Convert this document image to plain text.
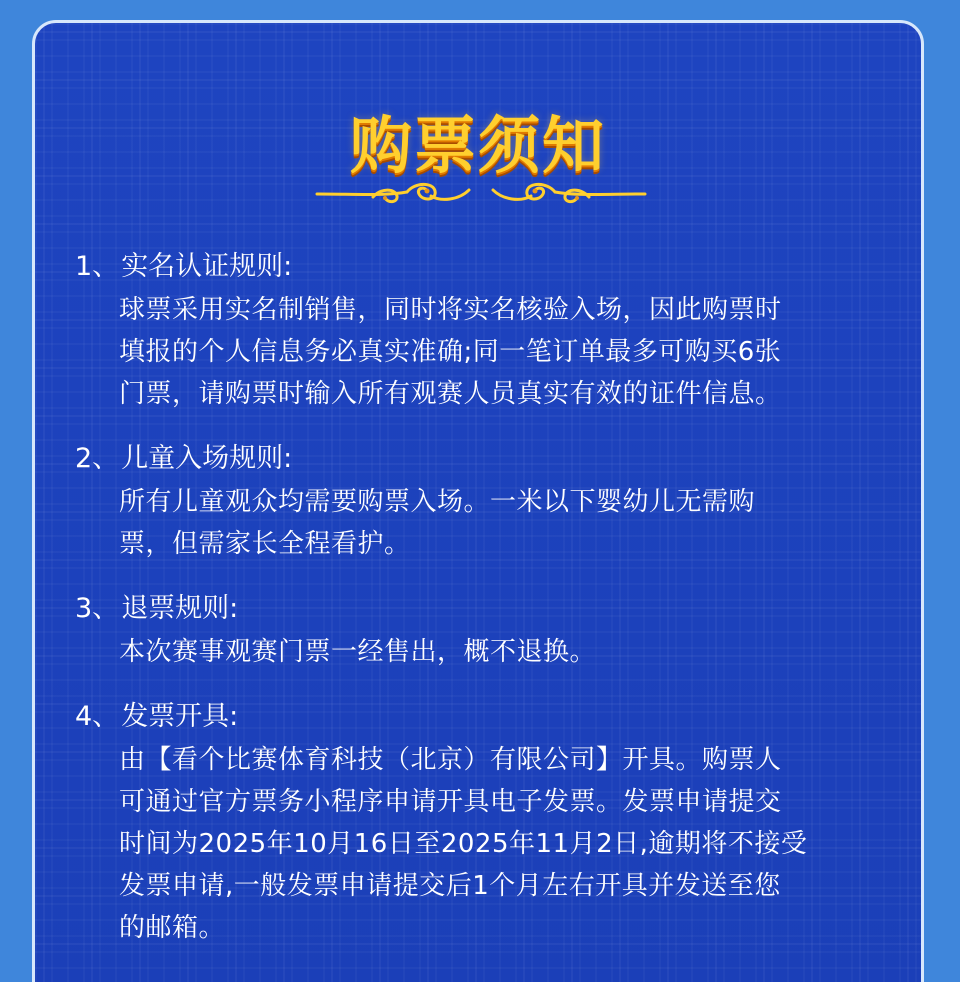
购票须知
1、 实名认证规则:
球票采用实名制销售，同时将实名核验入场，因此购票时
填报的个人信息务必真实准确;同一笔订单最多可购买6张
门票，请购票时输入所有观赛人员真实有效的证件信息。
2、 儿童入场规则:
所有儿童观众均需要购票入场。一米以下婴幼儿无需购
票，但需家长全程看护。
3、 退票规则:
本次赛事观赛门票一经售出，概不退换。
4、 发票开具:
由【看个比赛体育科技（北京）有限公司】开具。购票人
可通过官方票务小程序申请开具电子发票。发票申请提交
时间为2025年10月16日至2025年11月2日,逾期将不接受
发票申请,一般发票申请提交后1个月左右开具并发送至您
的邮箱。
